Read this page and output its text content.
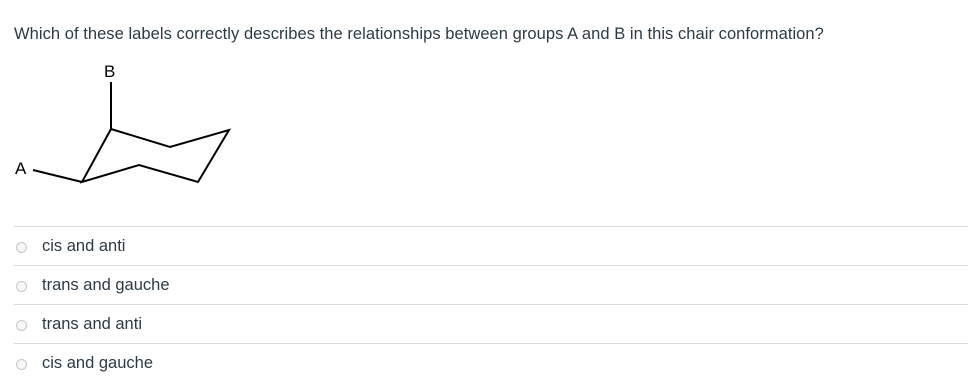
Which of these labels correctly describes the relationships between groups A and B in this chair conformation?
B
A
cis and anti
trans and gauche
trans and anti
cis and gauche
